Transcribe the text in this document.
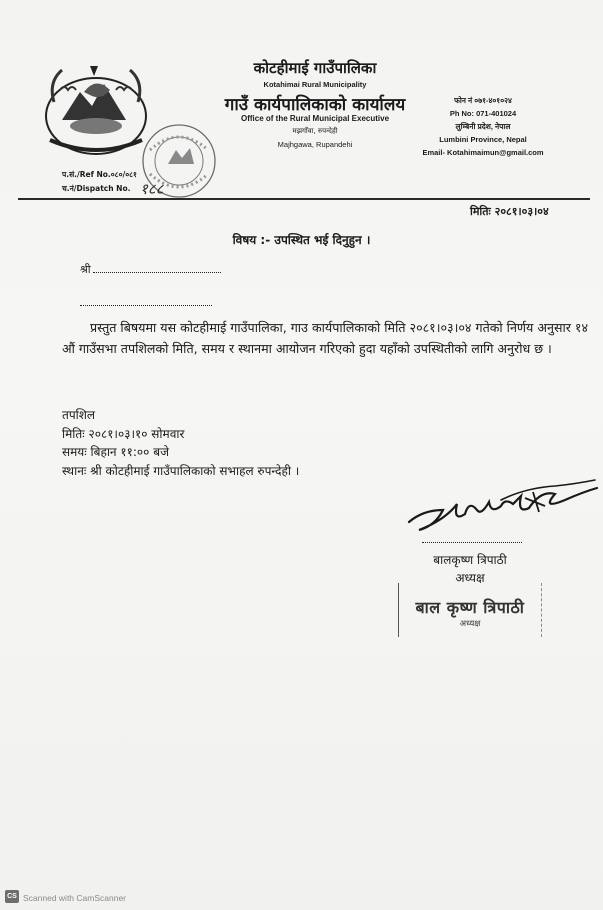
कोटहीमाई गाउँपालिका
Kotahimai Rural Municipality
गाउँ कार्यपालिकाको कार्यालय
Office of the Rural Municipal Executive
मझगाँवा, रुपन्देही
Majhgawa, Rupandehi
फोन नं ०७१-४०१०२४
Ph No: 071-401024
लुम्बिनी प्रदेश, नेपाल
Lumbini Province, Nepal
Email- Kotahimaimun@gmail.com
प.सं./Ref No.०८०/०८१
च.नं/Dispatch No. १८८
मितिः २०८१।०३।०४
विषय :- उपस्थित भई दिनुहुन ।
श्री
प्रस्तुत बिषयमा यस कोटहीमाई गाउँपालिका, गाउ कार्यपालिकाको मिति २०८१।०३।०४ गतेको निर्णय अनुसार १४ औं गाउँसभा तपशिलको मिति, समय र स्थानमा आयोजन गरिएको हुदा यहाँको उपस्थितीको लागि अनुरोध छ ।
तपशिल
मितिः २०८१।०३।१० सोमवार
समयः बिहान ११:०० बजे
स्थानः श्री कोटहीमाई गाउँपालिकाको सभाहल रुपन्देही ।
बालकृष्ण त्रिपाठी
अध्यक्ष
बाल कृष्ण त्रिपाठी
अध्यक्ष
CS Scanned with CamScanner
